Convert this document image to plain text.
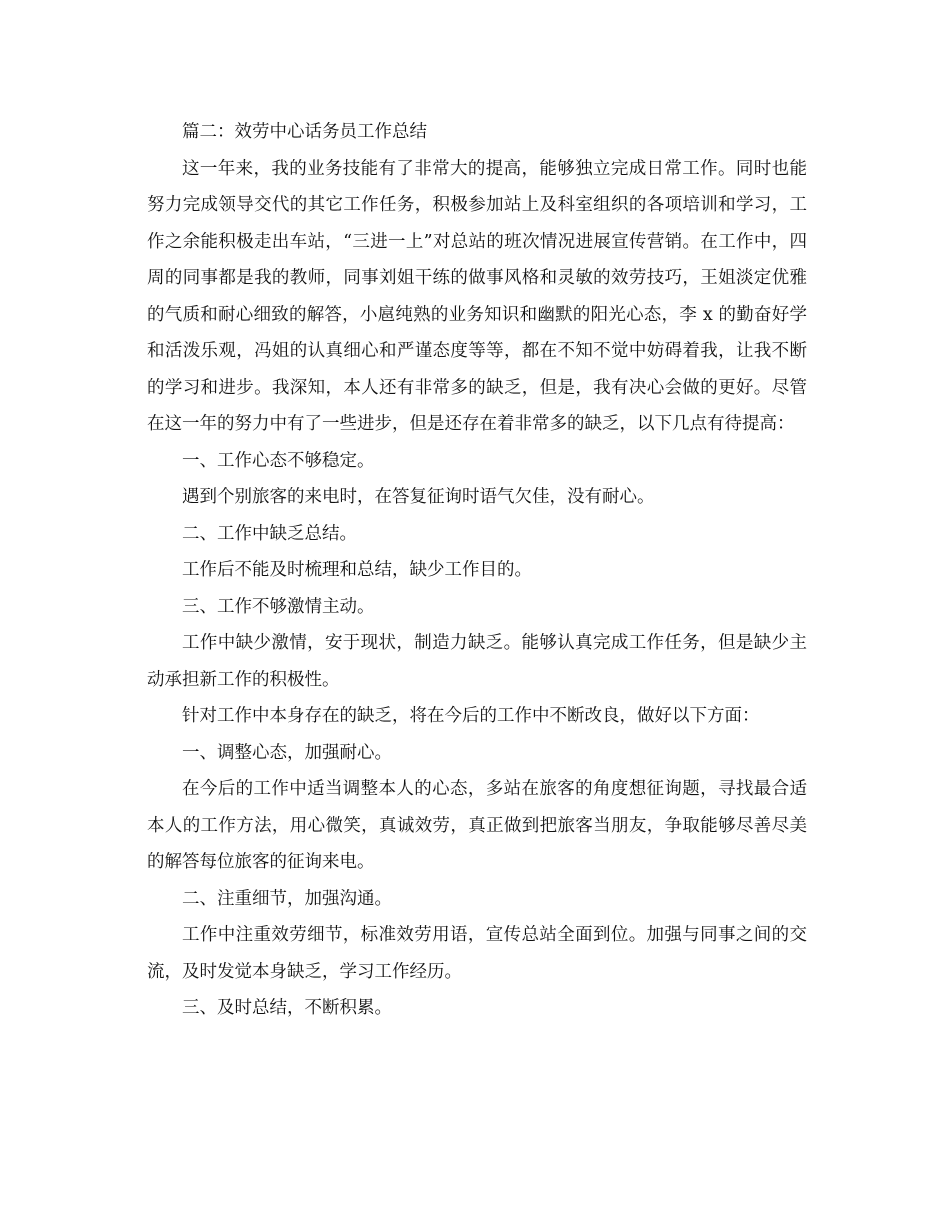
篇二：效劳中心话务员工作总结

这一年来，我的业务技能有了非常大的提高，能够独立完成日常工作。同时也能努力完成领导交代的其它工作任务，积极参加站上及科室组织的各项培训和学习，工作之余能积极走出车站，“三进一上”对总站的班次情况进展宣传营销。在工作中，四周的同事都是我的教师，同事刘姐干练的做事风格和灵敏的效劳技巧，王姐淡定优雅的气质和耐心细致的解答，小扈纯熟的业务知识和幽默的阳光心态，李 x 的勤奋好学和活泼乐观，冯姐的认真细心和严谨态度等等，都在不知不觉中妨碍着我，让我不断的学习和进步。我深知，本人还有非常多的缺乏，但是，我有决心会做的更好。尽管在这一年的努力中有了一些进步，但是还存在着非常多的缺乏，以下几点有待提高：

一、工作心态不够稳定。

遇到个别旅客的来电时，在答复征询时语气欠佳，没有耐心。

二、工作中缺乏总结。

工作后不能及时梳理和总结，缺少工作目的。

三、工作不够激情主动。

工作中缺少激情，安于现状，制造力缺乏。能够认真完成工作任务，但是缺少主动承担新工作的积极性。

针对工作中本身存在的缺乏，将在今后的工作中不断改良，做好以下方面：

一、调整心态，加强耐心。

在今后的工作中适当调整本人的心态，多站在旅客的角度想征询题，寻找最合适本人的工作方法，用心微笑，真诚效劳，真正做到把旅客当朋友，争取能够尽善尽美的解答每位旅客的征询来电。

二、注重细节，加强沟通。

工作中注重效劳细节，标准效劳用语，宣传总站全面到位。加强与同事之间的交流，及时发觉本身缺乏，学习工作经历。

三、及时总结，不断积累。
